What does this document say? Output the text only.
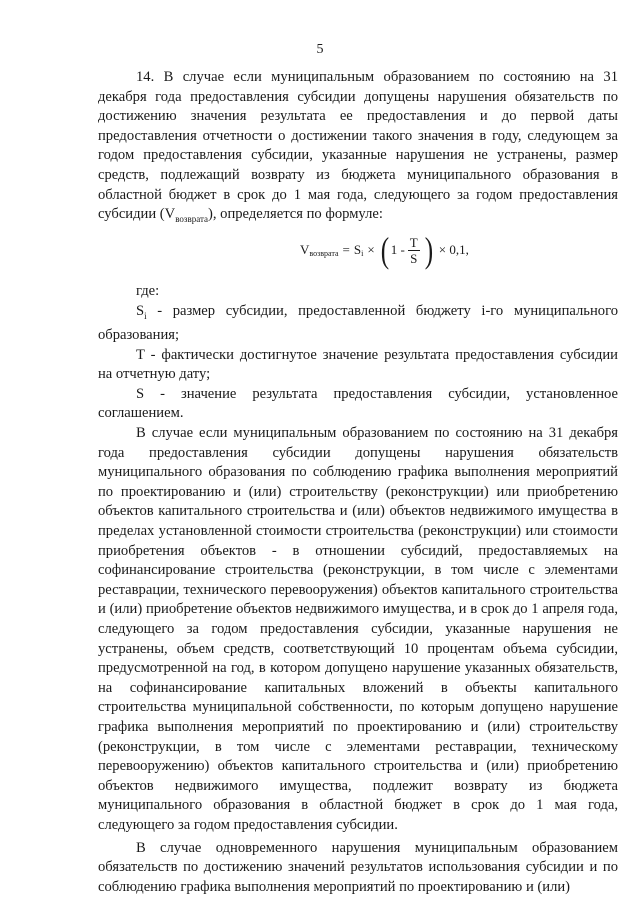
5

14. В случае если муниципальным образованием по состоянию на 31 декабря года предоставления субсидии допущены нарушения обязательств по достижению значения результата ее предоставления и до первой даты предоставления отчетности о достижении такого значения в году, следующем за годом предоставления субсидии, указанные нарушения не устранены, размер средств, подлежащий возврату из бюджета муниципального образования в областной бюджет в срок до 1 мая года, следующего за годом предоставления субсидии $(V_{возврата})$, определяется по формуле:

V возврата = S i × ( $1 - \frac{T}{S}$ ) × 0,1,

где:

$S_i$ - размер субсидии, предоставленной бюджету i-го муниципального образования;

T - фактически достигнутое значение результата предоставления субсидии на отчетную дату;

S - значение результата предоставления субсидии, установленное соглашением.

В случае если муниципальным образованием по состоянию на 31 декабря года предоставления субсидии допущены нарушения обязательств муниципального образования по соблюдению графика выполнения мероприятий по проектированию и (или) строительству (реконструкции) или приобретению объектов капитального строительства и (или) объектов недвижимого имущества в пределах установленной стоимости строительства (реконструкции) или стоимости приобретения объектов - в отношении субсидий, предоставляемых на софинансирование строительства (реконструкции, в том числе с элементами реставрации, технического перевооружения) объектов капитального строительства и (или) приобретение объектов недвижимого имущества, и в срок до 1 апреля года, следующего за годом предоставления субсидии, указанные нарушения не устранены, объем средств, соответствующий 10 процентам объема субсидии, предусмотренной на год, в котором допущено нарушение указанных обязательств, на софинансирование капитальных вложений в объекты капитального строительства муниципальной собственности, по которым допущено нарушение графика выполнения мероприятий по проектированию и (или) строительству (реконструкции, в том числе с элементами реставрации, техническому перевооружению) объектов капитального строительства и (или) приобретению объектов недвижимого имущества, подлежит возврату из бюджета муниципального образования в областной бюджет в срок до 1 мая года, следующего за годом предоставления субсидии.

В случае одновременного нарушения муниципальным образованием обязательств по достижению значений результатов использования субсидии и по соблюдению графика выполнения мероприятий по проектированию и (или)
